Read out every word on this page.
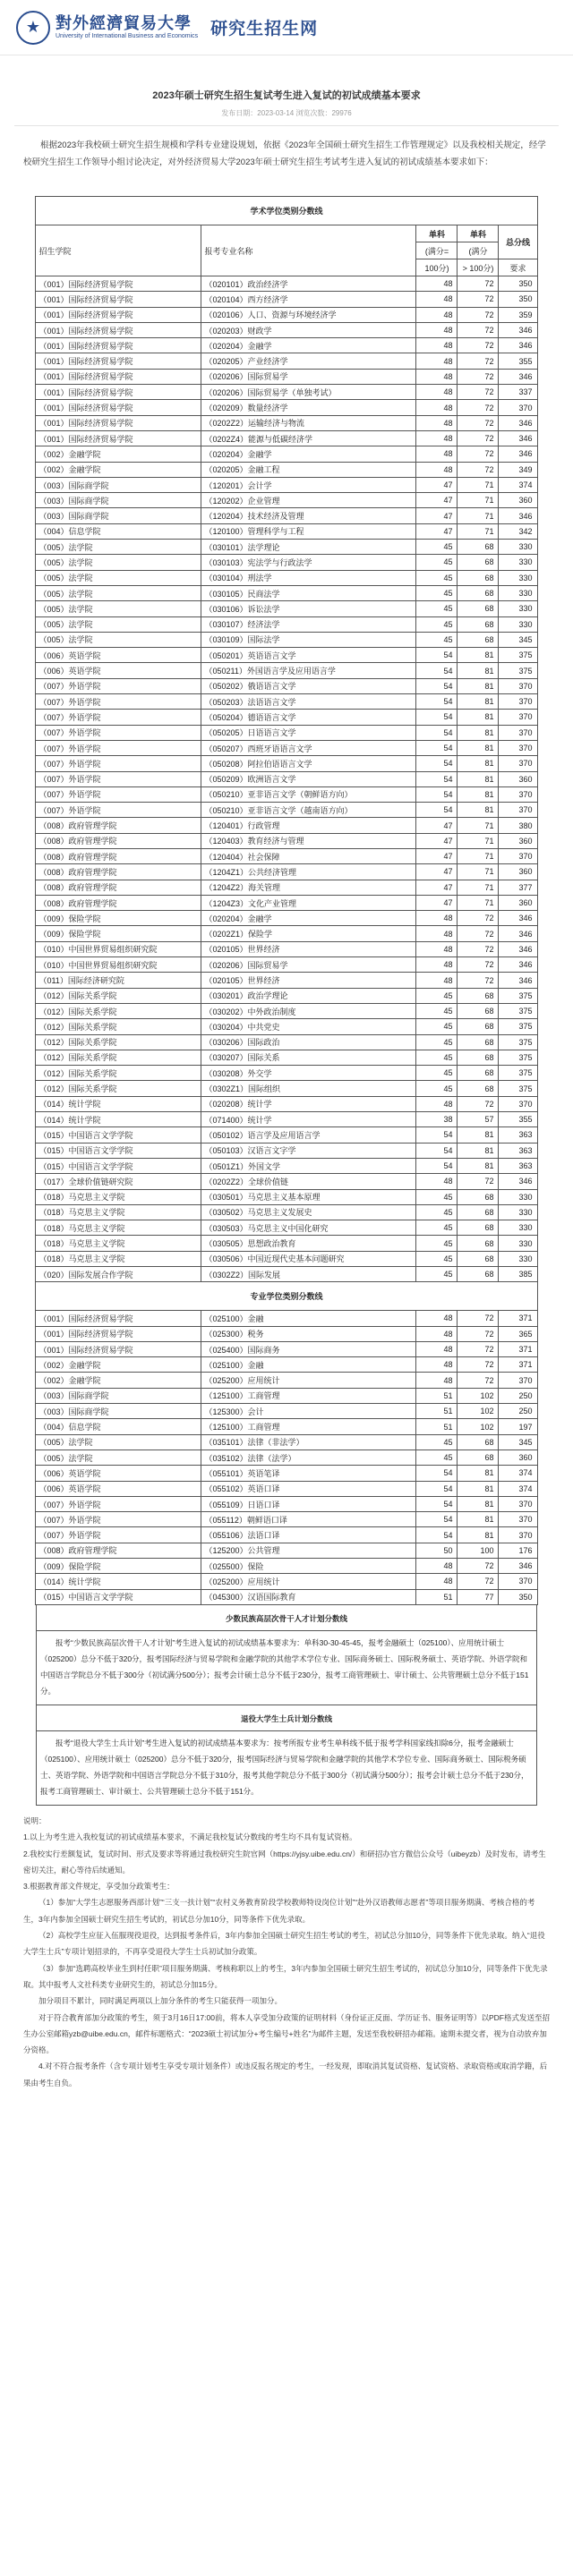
★ 對外經濟貿易大學
University of International Business and Economics 研究生招生网
2023年硕士研究生招生复试考生进入复试的初试成绩基本要求
发布日期：2023-03-14 浏览次数：29976

根据2023年我校硕士研究生招生规模和学科专业建设规划，依据《2023年全国硕士研究生招生工作管理规定》以及我校相关规定，经学校研究生招生工作领导小组讨论决定，对外经济贸易大学2023年硕士研究生招生考试考生进入复试的初试成绩基本要求如下：

学术学位类别分数线				
招生学院	报考专业名称	单科	单科	总分线
		(满分=	(满分	
		100分)	> 100分)	要求
（001）国际经济贸易学院	（020101）政治经济学	48	72	350
（001）国际经济贸易学院	（020104）西方经济学	48	72	350
（001）国际经济贸易学院	（020106）人口、资源与环境经济学	48	72	359
（001）国际经济贸易学院	（020203）财政学	48	72	346
（001）国际经济贸易学院	（020204）金融学	48	72	346
（001）国际经济贸易学院	（020205）产业经济学	48	72	355
（001）国际经济贸易学院	（020206）国际贸易学	48	72	346
（001）国际经济贸易学院	（020206）国际贸易学（单独考试）	48	72	337
（001）国际经济贸易学院	（020209）数量经济学	48	72	370
（001）国际经济贸易学院	（0202Z2）运输经济与物流	48	72	346
（001）国际经济贸易学院	（0202Z4）能源与低碳经济学	48	72	346
（002）金融学院	（020204）金融学	48	72	346
（002）金融学院	（020205）金融工程	48	72	349
（003）国际商学院	（120201）会计学	47	71	374
（003）国际商学院	（120202）企业管理	47	71	360
（003）国际商学院	（120204）技术经济及管理	47	71	346
（004）信息学院	（120100）管理科学与工程	47	71	342
（005）法学院	（030101）法学理论	45	68	330
（005）法学院	（030103）宪法学与行政法学	45	68	330
（005）法学院	（030104）刑法学	45	68	330
（005）法学院	（030105）民商法学	45	68	330
（005）法学院	（030106）诉讼法学	45	68	330
（005）法学院	（030107）经济法学	45	68	330
（005）法学院	（030109）国际法学	45	68	345
（006）英语学院	（050201）英语语言文学	54	81	375
（006）英语学院	（050211）外国语言学及应用语言学	54	81	375
（007）外语学院	（050202）俄语语言文学	54	81	370
（007）外语学院	（050203）法语语言文学	54	81	370
（007）外语学院	（050204）德语语言文学	54	81	370
（007）外语学院	（050205）日语语言文学	54	81	370
（007）外语学院	（050207）西班牙语语言文学	54	81	370
（007）外语学院	（050208）阿拉伯语语言文学	54	81	370
（007）外语学院	（050209）欧洲语言文学	54	81	360
（007）外语学院	（050210）亚非语言文学（朝鲜语方向）	54	81	370
（007）外语学院	（050210）亚非语言文学（越南语方向）	54	81	370
（008）政府管理学院	（120401）行政管理	47	71	380
（008）政府管理学院	（120403）教育经济与管理	47	71	360
（008）政府管理学院	（120404）社会保障	47	71	370
（008）政府管理学院	（1204Z1）公共经济管理	47	71	360
（008）政府管理学院	（1204Z2）海关管理	47	71	377
（008）政府管理学院	（1204Z3）文化产业管理	47	71	360
（009）保险学院	（020204）金融学	48	72	346
（009）保险学院	（0202Z1）保险学	48	72	346
（010）中国世界贸易组织研究院	（020105）世界经济	48	72	346
（010）中国世界贸易组织研究院	（020206）国际贸易学	48	72	346
（011）国际经济研究院	（020105）世界经济	48	72	346
（012）国际关系学院	（030201）政治学理论	45	68	375
（012）国际关系学院	（030202）中外政治制度	45	68	375
（012）国际关系学院	（030204）中共党史	45	68	375
（012）国际关系学院	（030206）国际政治	45	68	375
（012）国际关系学院	（030207）国际关系	45	68	375
（012）国际关系学院	（030208）外交学	45	68	375
（012）国际关系学院	（0302Z1）国际组织	45	68	375
（014）统计学院	（020208）统计学	48	72	370
（014）统计学院	（071400）统计学	38	57	355
（015）中国语言文学学院	（050102）语言学及应用语言学	54	81	363
（015）中国语言文学学院	（050103）汉语言文字学	54	81	363
（015）中国语言文学学院	（0501Z1）外国文学	54	81	363
（017）全球价值链研究院	（0202Z2）全球价值链	48	72	346
（018）马克思主义学院	（030501）马克思主义基本原理	45	68	330
（018）马克思主义学院	（030502）马克思主义发展史	45	68	330
（018）马克思主义学院	（030503）马克思主义中国化研究	45	68	330
（018）马克思主义学院	（030505）思想政治教育	45	68	330
（018）马克思主义学院	（030506）中国近现代史基本问题研究	45	68	330
（020）国际发展合作学院	（0302Z2）国际发展	45	68	385
专业学位类别分数线				
（001）国际经济贸易学院	（025100）金融	48	72	371
（001）国际经济贸易学院	（025300）税务	48	72	365
（001）国际经济贸易学院	（025400）国际商务	48	72	371
（002）金融学院	（025100）金融	48	72	371
（002）金融学院	（025200）应用统计	48	72	370
（003）国际商学院	（125100）工商管理	51	102	250
（003）国际商学院	（125300）会计	51	102	250
（004）信息学院	（125100）工商管理	51	102	197
（005）法学院	（035101）法律（非法学）	45	68	345
（005）法学院	（035102）法律（法学）	45	68	360
（006）英语学院	（055101）英语笔译	54	81	374
（006）英语学院	（055102）英语口译	54	81	374
（007）外语学院	（055109）日语口译	54	81	370
（007）外语学院	（055112）朝鲜语口译	54	81	370
（007）外语学院	（055106）法语口译	54	81	370
（008）政府管理学院	（125200）公共管理	50	100	176
（009）保险学院	（025500）保险	48	72	346
（014）统计学院	（025200）应用统计	48	72	370
（015）中国语言文学学院	（045300）汉语国际教育	51	77	350
少数民族高层次骨干人才计划分数线
报考“少数民族高层次骨干人才计划”考生进入复试的初试成绩基本要求为：单科30-30-45-45，报考金融硕士（025100）、应用统计硕士（025200）总分不低于320分，报考国际经济与贸易学院和金融学院的其他学术学位专业、国际商务硕士、国际税务硕士、英语学院、外语学院和中国语言学院总分不低于300分（初试满分500分）；报考会计硕士总分不低于230分，报考工商管理硕士、审计硕士、公共管理硕士总分不低于151分。
退役大学生士兵计划分数线
报考“退役大学生士兵计划”考生进入复试的初试成绩基本要求为：按考所报专业考生单科线不低于报考学科国家线扣除6分，报考金融硕士（025100）、应用统计硕士（025200）总分不低于320分，报考国际经济与贸易学院和金融学院的其他学术学位专业、国际商务硕士、国际税务硕士、英语学院、外语学院和中国语言学院总分不低于310分，报考其他学院总分不低于300分（初试满分500分）；报考会计硕士总分不低于230分，报考工商管理硕士、审计硕士、公共管理硕士总分不低于151分。

说明：

1.以上为考生进入我校复试的初试成绩基本要求，不满足我校复试分数线的考生均不具有复试资格。

2.我校实行差额复试，复试时间、形式及要求等将通过我校研究生院官网（https://yjsy.uibe.edu.cn/）和研招办官方微信公众号（uibeyzb）及时发布，请考生密切关注，耐心等待后续通知。

3.根据教育部文件规定，享受加分政策考生：

（1）参加“大学生志愿服务西部计划”“三支一扶计划”“农村义务教育阶段学校教师特设岗位计划”“赴外汉语教师志愿者”等项目服务期满、考核合格的考生，3年内参加全国硕士研究生招生考试的，初试总分加10分，同等条件下优先录取。

（2）高校学生应征入伍服现役退役，达到报考条件后，3年内参加全国硕士研究生招生考试的考生，初试总分加10分，同等条件下优先录取。纳入“退役大学生士兵”专项计划招录的，不再享受退役大学生士兵初试加分政策。

（3）参加“选聘高校毕业生到村任职”项目服务期满、考核称职以上的考生，3年内参加全国硕士研究生招生考试的，初试总分加10分，同等条件下优先录取。其中报考人文社科类专业研究生的，初试总分加15分。

加分项目不累计，同时满足两项以上加分条件的考生只能获得一项加分。

对于符合教育部加分政策的考生，须于3月16日17:00前，将本人享受加分政策的证明材料（身份证正反面、学历证书、服务证明等）以PDF格式发送至招生办公室邮箱yzb@uibe.edu.cn，邮件标题格式：“2023硕士初试加分+考生编号+姓名”为邮件主题，发送至我校研招办邮箱。逾期未提交者，视为自动放弃加分资格。

4.对不符合报考条件（含专项计划考生享受专项计划条件）或违反报名规定的考生，一经发现，即取消其复试资格、复试资格、录取资格或取消学籍，后果由考生自负。
